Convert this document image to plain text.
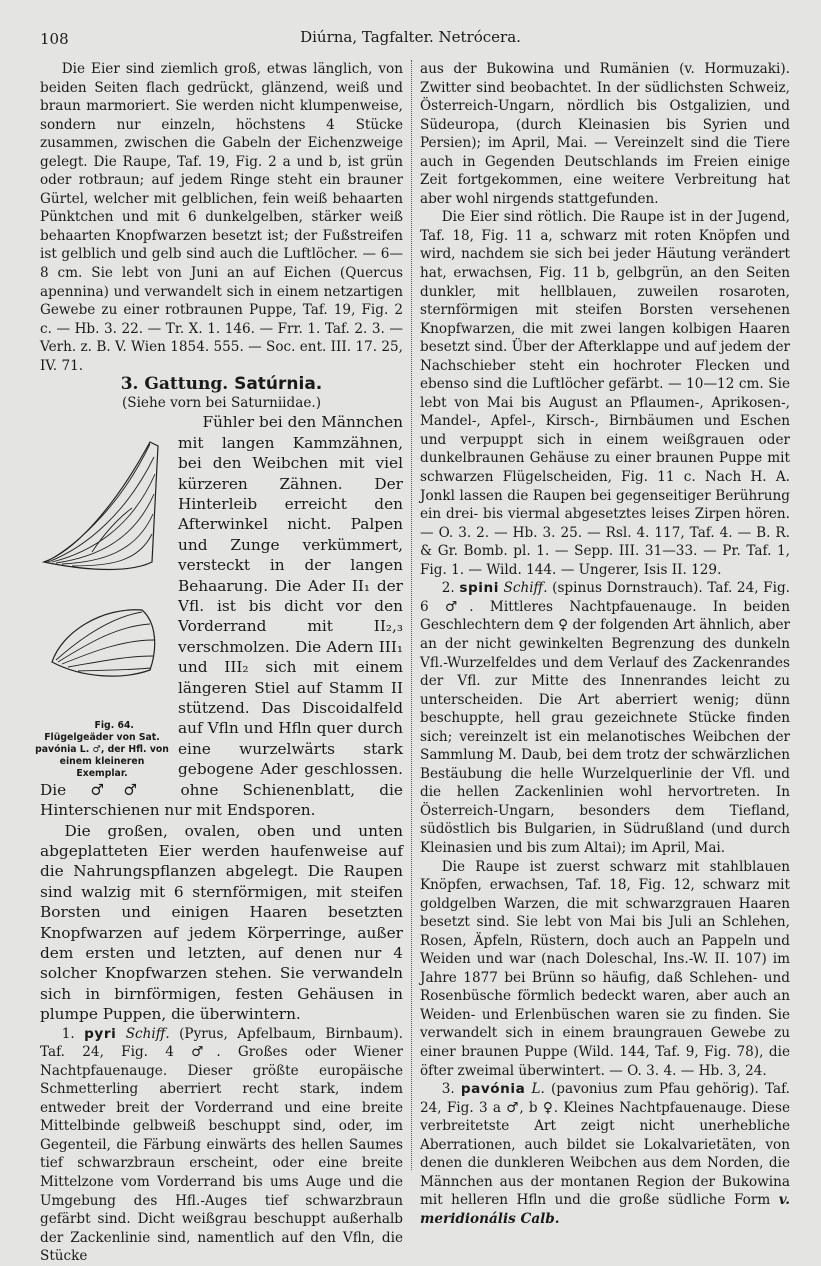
108	Diúrna, Tagfalter. Netrócera.

Die Eier sind ziemlich groß, etwas länglich, von beiden Seiten flach gedrückt, glänzend, weiß und braun marmoriert. Sie werden nicht klumpenweise, sondern nur einzeln, höchstens 4 Stücke zusammen, zwischen die Gabeln der Eichenzweige gelegt. Die Raupe, Taf. 19, Fig. 2 a und b, ist grün oder rotbraun; auf jedem Ringe steht ein brauner Gürtel, welcher mit gelblichen, fein weiß behaarten Pünktchen und mit 6 dunkelgelben, stärker weiß behaarten Knopfwarzen besetzt ist; der Fußstreifen ist gelblich und gelb sind auch die Luftlöcher. — 6—8 cm. Sie lebt von Juni an auf Eichen (Quercus apennina) und verwandelt sich in einem netzartigen Gewebe zu einer rotbraunen Puppe, Taf. 19, Fig. 2 c. — Hb. 3. 22. — Tr. X. 1. 146. — Frr. 1. Taf. 2. 3. — Verh. z. B. V. Wien 1854. 555. — Soc. ent. III. 17. 25, IV. 71.

3. Gattung. Satúrnia.

(Siehe vorn bei Saturniidae.)

Fig. 64. Flügelgeäder von Sat. pavónia L. ♂, der Hfl. von einem kleineren Exemplar.
Fühler bei den Männchen mit langen Kammzähnen, bei den Weibchen mit viel kürzeren Zähnen. Der Hinterleib erreicht den Afterwinkel nicht. Palpen und Zunge verkümmert, versteckt in der langen Behaarung. Die Ader II₁ der Vfl. ist bis dicht vor den Vorderrand mit II₂,₃ verschmolzen. Die Adern III₁ und III₂ sich mit einem längeren Stiel auf Stamm II stützend. Das Discoidalfeld auf Vfln und Hfln quer durch eine wurzelwärts stark gebogene Ader geschlossen. Die ♂♂ ohne Schienenblatt, die Hinterschienen nur mit Endsporen.

Die großen, ovalen, oben und unten abgeplatteten Eier werden haufenweise auf die Nahrungspflanzen abgelegt. Die Raupen sind walzig mit 6 sternförmigen, mit steifen Borsten und einigen Haaren besetzten Knopfwarzen auf jedem Körperringe, außer dem ersten und letzten, auf denen nur 4 solcher Knopfwarzen stehen. Sie verwandeln sich in birnförmigen, festen Gehäusen in plumpe Puppen, die überwintern.

1. pyri Schiff. (Pyrus, Apfelbaum, Birnbaum). Taf. 24, Fig. 4 ♂. Großes oder Wiener Nachtpfauenauge. Dieser größte europäische Schmetterling aberriert recht stark, indem entweder breit der Vorderrand und eine breite Mittelbinde gelbweiß beschuppt sind, oder, im Gegenteil, die Färbung einwärts des hellen Saumes tief schwarzbraun erscheint, oder eine breite Mittelzone vom Vorderrand bis ums Auge und die Umgebung des Hfl.-Auges tief schwarzbraun gefärbt sind. Dicht weißgrau beschuppt außerhalb der Zackenlinie sind, namentlich auf den Vfln, die Stücke

aus der Bukowina und Rumänien (v. Hormuzaki). Zwitter sind beobachtet. In der südlichsten Schweiz, Österreich-Ungarn, nördlich bis Ostgalizien, und Südeuropa, (durch Kleinasien bis Syrien und Persien); im April, Mai. — Vereinzelt sind die Tiere auch in Gegenden Deutschlands im Freien einige Zeit fortgekommen, eine weitere Verbreitung hat aber wohl nirgends stattgefunden.

Die Eier sind rötlich. Die Raupe ist in der Jugend, Taf. 18, Fig. 11 a, schwarz mit roten Knöpfen und wird, nachdem sie sich bei jeder Häutung verändert hat, erwachsen, Fig. 11 b, gelbgrün, an den Seiten dunkler, mit hellblauen, zuweilen rosaroten, sternförmigen mit steifen Borsten versehenen Knopfwarzen, die mit zwei langen kolbigen Haaren besetzt sind. Über der Afterklappe und auf jedem der Nachschieber steht ein hochroter Flecken und ebenso sind die Luftlöcher gefärbt. — 10—12 cm. Sie lebt von Mai bis August an Pflaumen-, Aprikosen-, Mandel-, Apfel-, Kirsch-, Birnbäumen und Eschen und verpuppt sich in einem weißgrauen oder dunkelbraunen Gehäuse zu einer braunen Puppe mit schwarzen Flügelscheiden, Fig. 11 c. Nach H. A. Jonkl lassen die Raupen bei gegenseitiger Berührung ein drei- bis viermal abgesetztes leises Zirpen hören. — O. 3. 2. — Hb. 3. 25. — Rsl. 4. 117, Taf. 4. — B. R. & Gr. Bomb. pl. 1. — Sepp. III. 31—33. — Pr. Taf. 1, Fig. 1. — Wild. 144. — Ungerer, Isis II. 129.

2. spini Schiff. (spinus Dornstrauch). Taf. 24, Fig. 6 ♂. Mittleres Nachtpfauenauge. In beiden Geschlechtern dem ♀ der folgenden Art ähnlich, aber an der nicht gewinkelten Begrenzung des dunkeln Vfl.-Wurzelfeldes und dem Verlauf des Zackenrandes der Vfl. zur Mitte des Innenrandes leicht zu unterscheiden. Die Art aberriert wenig; dünn beschuppte, hell grau gezeichnete Stücke finden sich; vereinzelt ist ein melanotisches Weibchen der Sammlung M. Daub, bei dem trotz der schwärzlichen Bestäubung die helle Wurzelquerlinie der Vfl. und die hellen Zackenlinien wohl hervortreten. In Österreich-Ungarn, besonders dem Tiefland, südöstlich bis Bulgarien, in Südrußland (und durch Kleinasien und bis zum Altai); im April, Mai.

Die Raupe ist zuerst schwarz mit stahlblauen Knöpfen, erwachsen, Taf. 18, Fig. 12, schwarz mit goldgelben Warzen, die mit schwarzgrauen Haaren besetzt sind. Sie lebt von Mai bis Juli an Schlehen, Rosen, Äpfeln, Rüstern, doch auch an Pappeln und Weiden und war (nach Doleschal, Ins.-W. II. 107) im Jahre 1877 bei Brünn so häufig, daß Schlehen- und Rosenbüsche förmlich bedeckt waren, aber auch an Weiden- und Erlenbüschen waren sie zu finden. Sie verwandelt sich in einem braungrauen Gewebe zu einer braunen Puppe (Wild. 144, Taf. 9, Fig. 78), die öfter zweimal überwintert. — O. 3. 4. — Hb. 3, 24.

3. pavónia L. (pavonius zum Pfau gehörig). Taf. 24, Fig. 3 a ♂, b ♀. Kleines Nachtpfauenauge. Diese verbreitetste Art zeigt nicht unerhebliche Aberrationen, auch bildet sie Lokalvarietäten, von denen die dunkleren Weibchen aus dem Norden, die Männchen aus der montanen Region der Bukowina mit helleren Hfln und die große südliche Form v. meridionális Calb.
